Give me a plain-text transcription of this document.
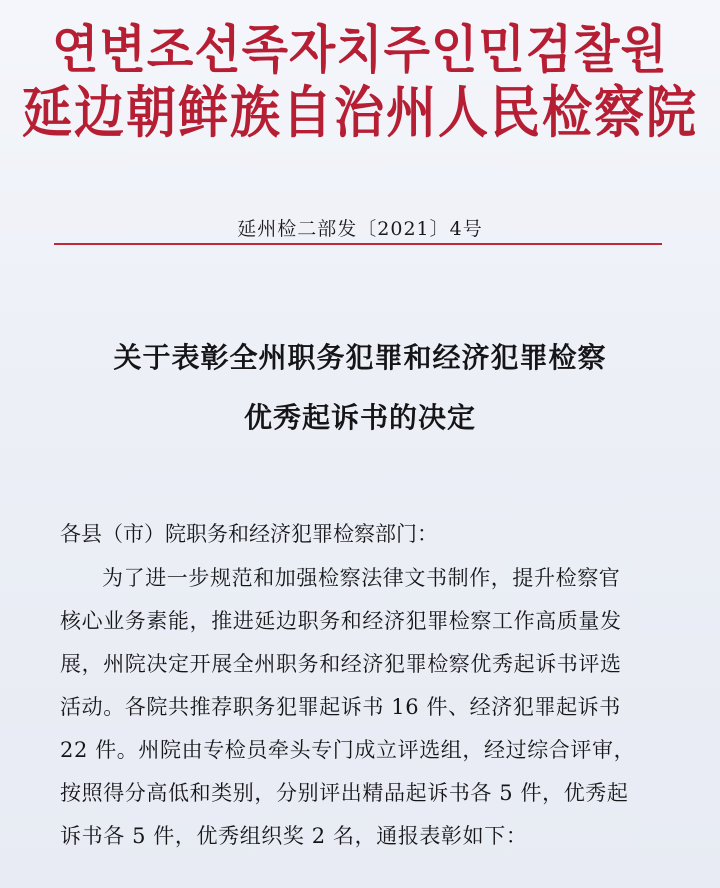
연변조선족자치주인민검찰원
延边朝鲜族自治州人民检察院
延州检二部发〔2021〕4号
关于表彰全州职务犯罪和经济犯罪检察
优秀起诉书的决定
各县（市）院职务和经济犯罪检察部门：
为了进一步规范和加强检察法律文书制作，提升检察官
核心业务素能，推进延边职务和经济犯罪检察工作高质量发
展，州院决定开展全州职务和经济犯罪检察优秀起诉书评选
活动。各院共推荐职务犯罪起诉书 16 件、经济犯罪起诉书
22 件。州院由专检员牵头专门成立评选组，经过综合评审，
按照得分高低和类别，分别评出精品起诉书各 5 件，优秀起
诉书各 5 件，优秀组织奖 2 名，通报表彰如下：
